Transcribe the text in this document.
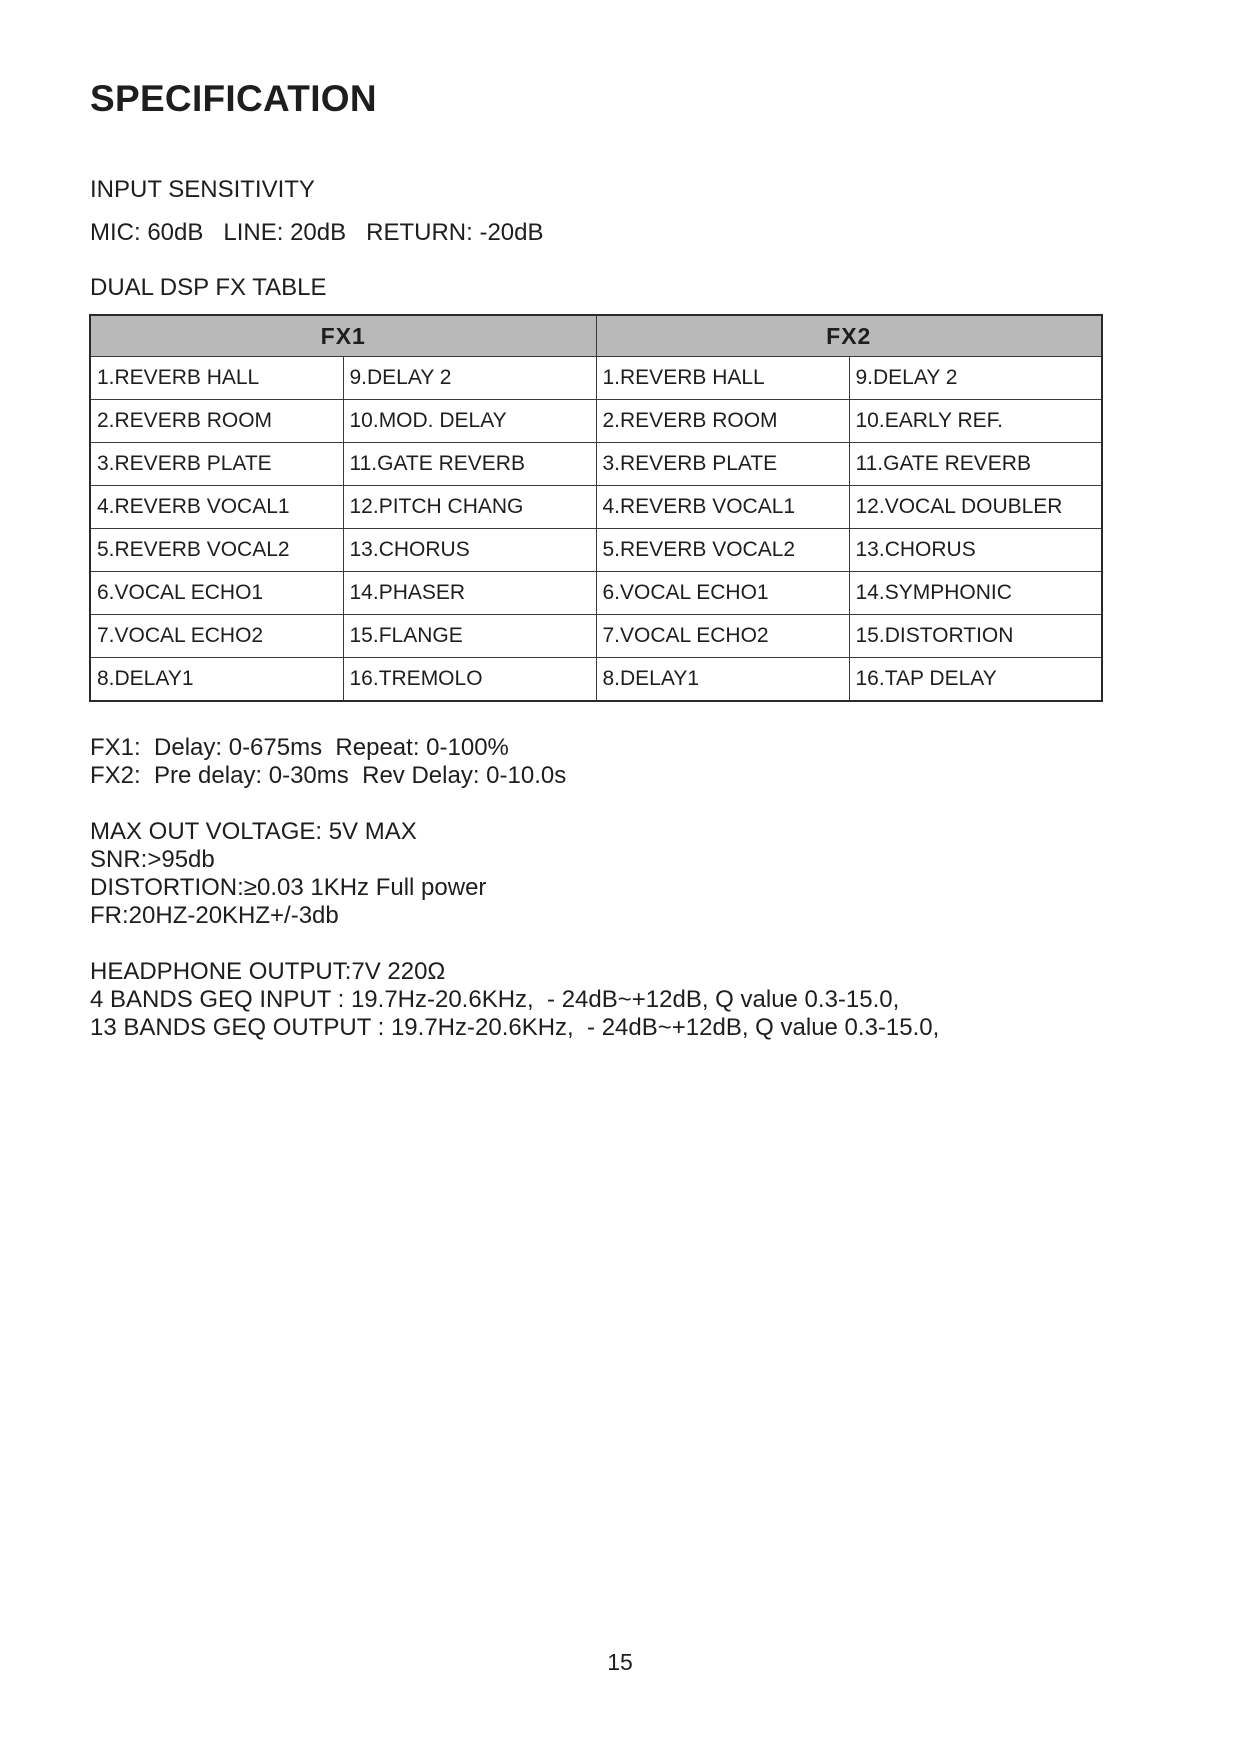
SPECIFICATION

INPUT SENSITIVITY

MIC: 60dB   LINE: 20dB   RETURN: -20dB

DUAL DSP FX TABLE

FX1		FX2	
1.REVERB HALL	9.DELAY 2	1.REVERB HALL	9.DELAY 2
2.REVERB ROOM	10.MOD. DELAY	2.REVERB ROOM	10.EARLY REF.
3.REVERB PLATE	11.GATE REVERB	3.REVERB PLATE	11.GATE REVERB
4.REVERB VOCAL1	12.PITCH CHANG	4.REVERB VOCAL1	12.VOCAL DOUBLER
5.REVERB VOCAL2	13.CHORUS	5.REVERB VOCAL2	13.CHORUS
6.VOCAL ECHO1	14.PHASER	6.VOCAL ECHO1	14.SYMPHONIC
7.VOCAL ECHO2	15.FLANGE	7.VOCAL ECHO2	15.DISTORTION
8.DELAY1	16.TREMOLO	8.DELAY1	16.TAP DELAY

FX1:  Delay: 0-675ms  Repeat: 0-100%

FX2:  Pre delay: 0-30ms  Rev Delay: 0-10.0s

MAX OUT VOLTAGE: 5V MAX

SNR:>95db

DISTORTION:≥0.03 1KHz Full power

FR:20HZ-20KHZ+/-3db

HEADPHONE OUTPUT:7V 220Ω

4 BANDS GEQ INPUT : 19.7Hz-20.6KHz,  - 24dB~+12dB, Q value 0.3-15.0,

13 BANDS GEQ OUTPUT : 19.7Hz-20.6KHz,  - 24dB~+12dB, Q value 0.3-15.0,

15
